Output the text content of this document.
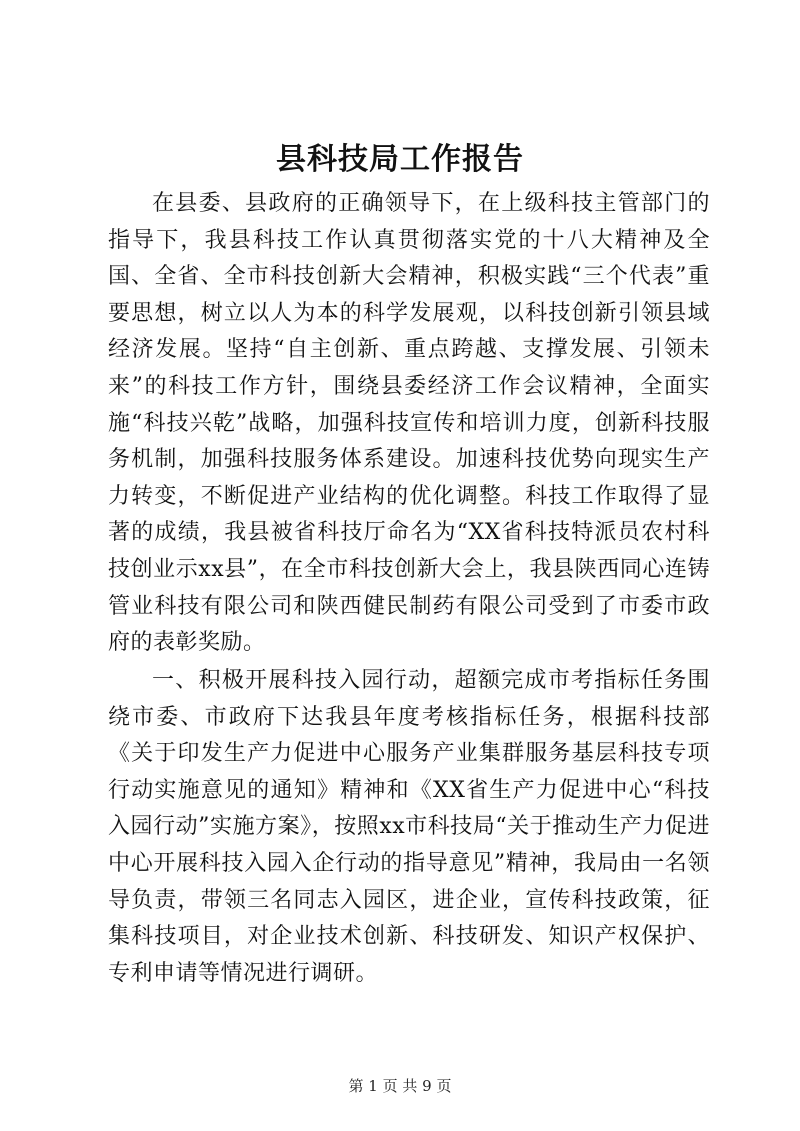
县科技局工作报告

在县委、县政府的正确领导下，在上级科技主管部门的指导下，我县科技工作认真贯彻落实党的十八大精神及全国、全省、全市科技创新大会精神，积极实践“三个代表”重要思想，树立以人为本的科学发展观，以科技创新引领县域经济发展。坚持“自主创新、重点跨越、支撑发展、引领未来”的科技工作方针，围绕县委经济工作会议精神，全面实施“科技兴乾”战略，加强科技宣传和培训力度，创新科技服务机制，加强科技服务体系建设。加速科技优势向现实生产力转变，不断促进产业结构的优化调整。科技工作取得了显著的成绩，我县被省科技厅命名为“XX省科技特派员农村科技创业示xx县”，在全市科技创新大会上，我县陕西同心连铸管业科技有限公司和陕西健民制药有限公司受到了市委市政府的表彰奖励。

一、积极开展科技入园行动，超额完成市考指标任务围绕市委、市政府下达我县年度考核指标任务，根据科技部《关于印发生产力促进中心服务产业集群服务基层科技专项行动实施意见的通知》精神和《XX省生产力促进中心“科技入园行动”实施方案》，按照xx市科技局“关于推动生产力促进中心开展科技入园入企行动的指导意见”精神，我局由一名领导负责，带领三名同志入园区，进企业，宣传科技政策，征集科技项目，对企业技术创新、科技研发、知识产权保护、专利申请等情况进行调研。

第 1 页 共 9 页
